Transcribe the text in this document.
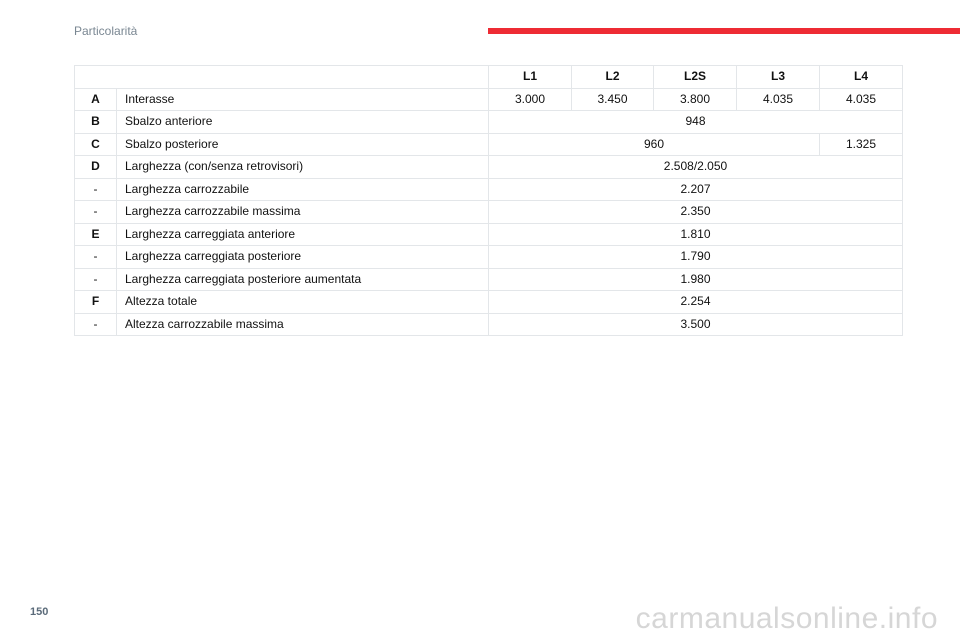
Particolarità
		L1	L2	L2S	L3	L4
A	Interasse	3.000	3.450	3.800	4.035	4.035
B	Sbalzo anteriore	948				
C	Sbalzo posteriore	960				1.325
D	Larghezza (con/senza retrovisori)	2.508/2.050				
-	Larghezza carrozzabile	2.207				
-	Larghezza carrozzabile massima	2.350				
E	Larghezza carreggiata anteriore	1.810				
-	Larghezza carreggiata posteriore	1.790				
-	Larghezza carreggiata posteriore aumentata	1.980				
F	Altezza totale	2.254				
-	Altezza carrozzabile massima	3.500				
150	carmanualsonline.info
